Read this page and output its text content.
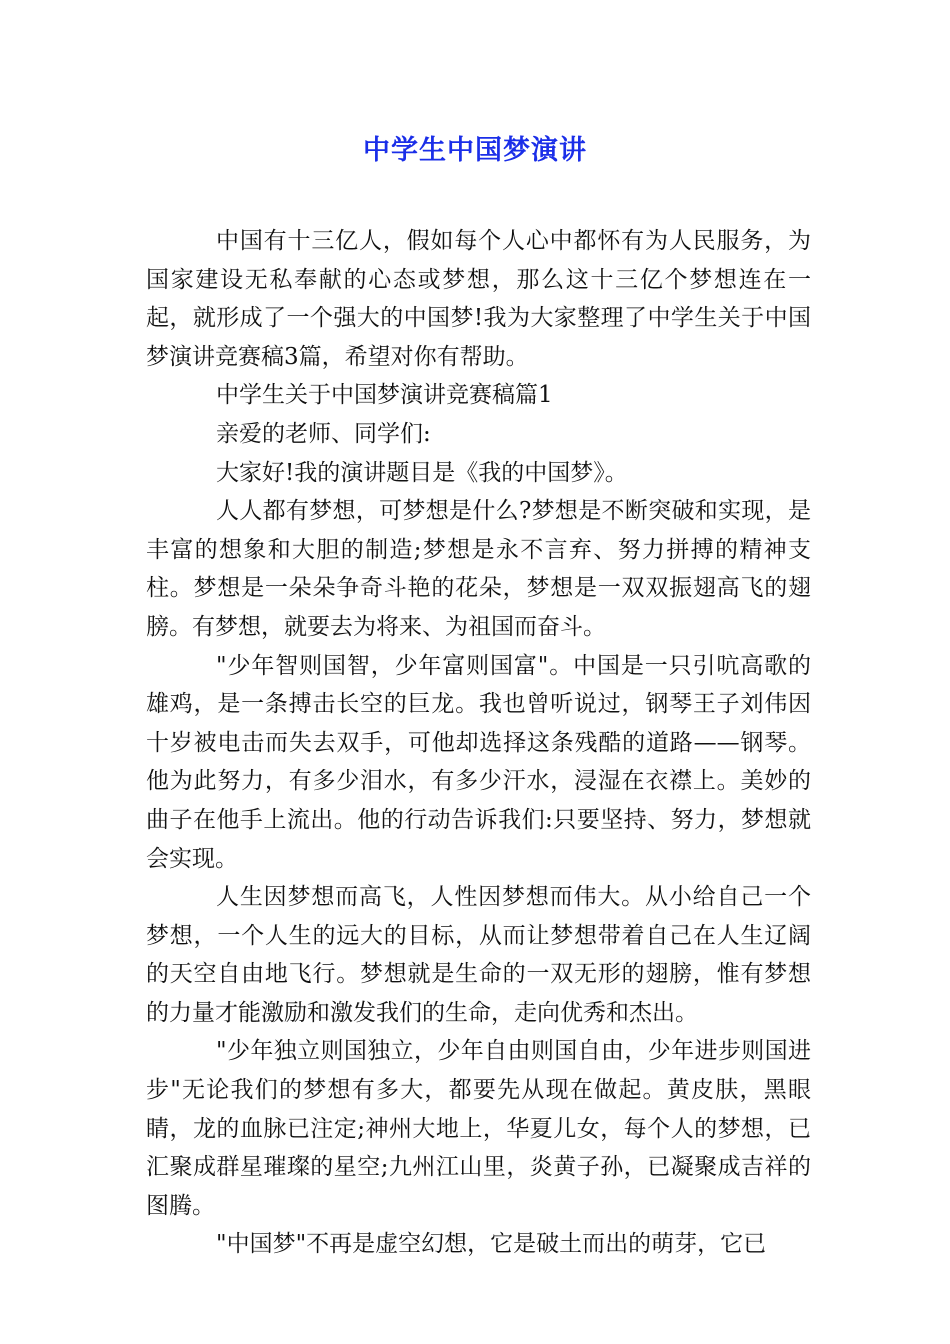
中学生中国梦演讲

中国有十三亿人，假如每个人心中都怀有为人民服务，为国家建设无私奉献的心态或梦想，那么这十三亿个梦想连在一起，就形成了一个强大的中国梦!我为大家整理了中学生关于中国梦演讲竞赛稿3篇，希望对你有帮助。

中学生关于中国梦演讲竞赛稿篇1

亲爱的老师、同学们:

大家好!我的演讲题目是《我的中国梦》。

人人都有梦想，可梦想是什么?梦想是不断突破和实现，是丰富的想象和大胆的制造;梦想是永不言弃、努力拼搏的精神支柱。梦想是一朵朵争奇斗艳的花朵，梦想是一双双振翅高飞的翅膀。有梦想，就要去为将来、为祖国而奋斗。

"少年智则国智，少年富则国富"。中国是一只引吭高歌的雄鸡，是一条搏击长空的巨龙。我也曾听说过，钢琴王子刘伟因十岁被电击而失去双手，可他却选择这条残酷的道路——钢琴。他为此努力，有多少泪水，有多少汗水，浸湿在衣襟上。美妙的曲子在他手上流出。他的行动告诉我们:只要坚持、努力，梦想就会实现。

人生因梦想而高飞，人性因梦想而伟大。从小给自己一个梦想，一个人生的远大的目标，从而让梦想带着自己在人生辽阔的天空自由地飞行。梦想就是生命的一双无形的翅膀，惟有梦想的力量才能激励和激发我们的生命，走向优秀和杰出。

"少年独立则国独立，少年自由则国自由，少年进步则国进步"无论我们的梦想有多大，都要先从现在做起。黄皮肤，黑眼睛，龙的血脉已注定;神州大地上，华夏儿女，每个人的梦想，已汇聚成群星璀璨的星空;九州江山里，炎黄子孙，已凝聚成吉祥的图腾。

"中国梦"不再是虚空幻想，它是破土而出的萌芽，它已
